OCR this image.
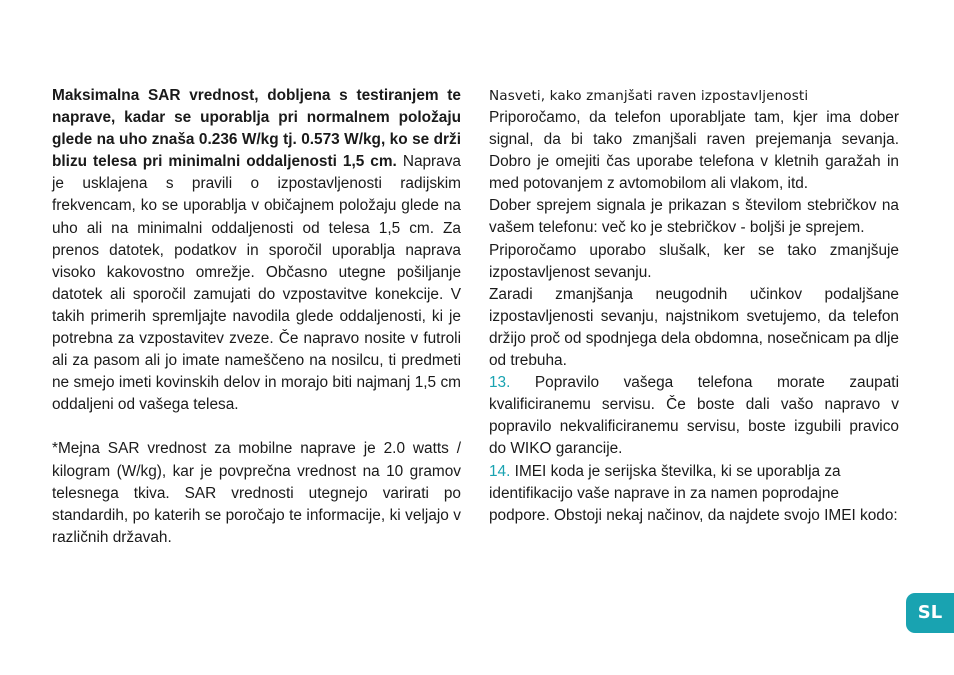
Maksimalna SAR vrednost, dobljena s testiranjem te naprave, kadar se uporablja pri normalnem položaju glede na uho znaša 0.236 W/kg tj. 0.573 W/kg, ko se drži blizu telesa pri minimalni oddaljenosti 1,5 cm. Naprava je usklajena s pravili o izpostavljenosti radijskim frekvencam, ko se uporablja v običajnem položaju glede na uho ali na minimalni oddaljenosti od telesa 1,5 cm. Za prenos datotek, podatkov in sporočil uporablja naprava visoko kakovostno omrežje. Občasno utegne pošiljanje datotek ali sporočil zamujati do vzpostavitve konekcije. V takih primerih spremljajte navodila glede oddaljenosti, ki je potrebna za vzpostavitev zveze. Če napravo nosite v futroli ali za pasom ali jo imate nameščeno na nosilcu, ti predmeti ne smejo imeti kovinskih delov in morajo biti najmanj 1,5 cm oddaljeni od vašega telesa.

*Mejna SAR vrednost za mobilne naprave je 2.0 watts / kilogram (W/kg), kar je povprečna vrednost na 10 gramov telesnega tkiva. SAR vrednosti utegnejo varirati po standardih, po katerih se poročajo te informacije, ki veljajo v različnih državah.

Nasveti, kako zmanjšati raven izpostavljenosti

Priporočamo, da telefon uporabljate tam, kjer ima dober signal, da bi tako zmanjšali raven prejemanja sevanja. Dobro je omejiti čas uporabe telefona v kletnih garažah in med potovanjem z avtomobilom ali vlakom, itd.

Dober sprejem signala je prikazan s številom stebričkov na vašem telefonu: več ko je stebričkov - boljši je sprejem.

Priporočamo uporabo slušalk, ker se tako zmanjšuje izpostavljenost sevanju.

Zaradi zmanjšanja neugodnih učinkov podaljšane izpostavljenosti sevanju, najstnikom svetujemo, da telefon držijo proč od spodnjega dela obdomna, nosečnicam pa dlje od trebuha.

13. Popravilo vašega telefona morate zaupati kvalificiranemu servisu. Če boste dali vašo napravo v popravilo nekvalificiranemu servisu, boste izgubili pravico do WIKO garancije.

14. IMEI koda je serijska številka, ki se uporablja za identifikacijo vaše naprave in za namen poprodajne podpore. Obstoji nekaj načinov, da najdete svojo IMEI kodo:

SL
